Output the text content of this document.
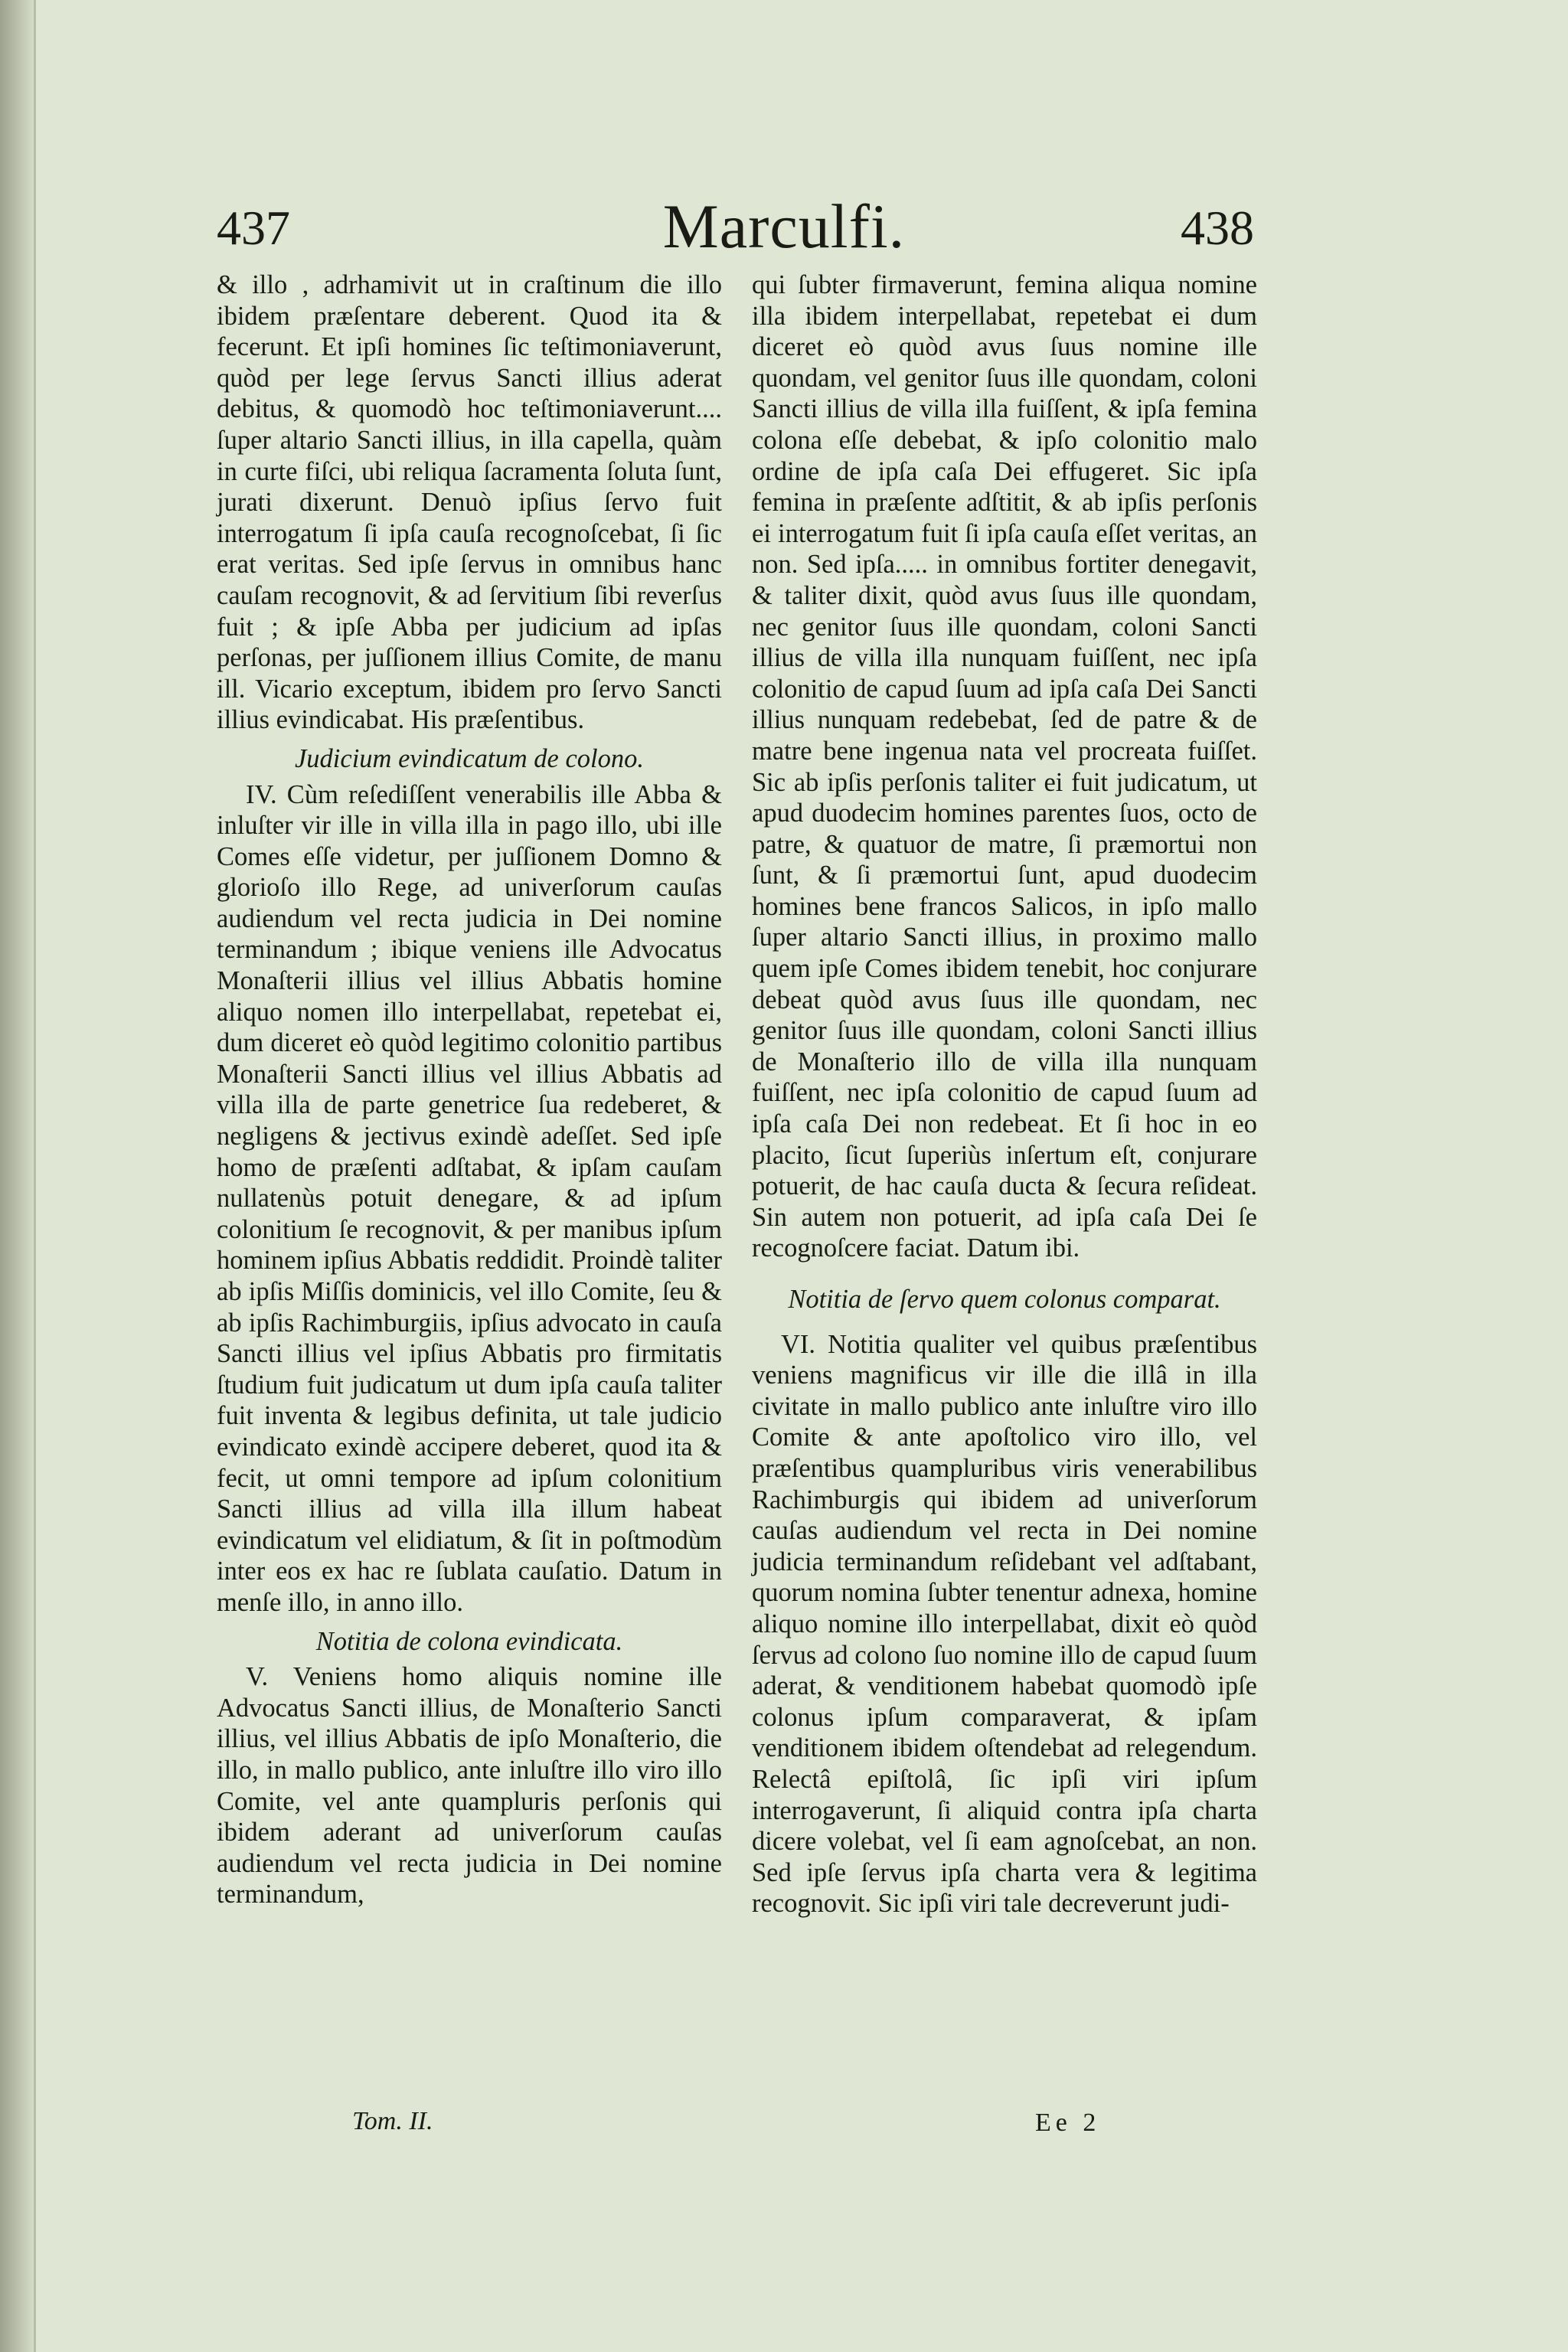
437	Marculfi.	438

& illo , adrhamivit ut in craſtinum die illo ibidem præſentare deberent. Quod ita & fecerunt. Et ipſi homines ſic teſtimoniaverunt, quòd per lege ſervus Sancti illius aderat debitus, & quomodò hoc teſtimoniaverunt.... ſuper altario Sancti illius, in illa capella, quàm in curte fiſci, ubi reliqua ſacramenta ſoluta ſunt, jurati dixerunt. Denuò ipſius ſervo fuit interrogatum ſi ipſa cauſa recognoſcebat, ſi ſic erat veritas. Sed ipſe ſervus in omnibus hanc cauſam recognovit, & ad ſervitium ſibi reverſus fuit ; & ipſe Abba per judicium ad ipſas perſonas, per juſſionem illius Comite, de manu ill. Vicario exceptum, ibidem pro ſervo Sancti illius evindicabat. His præſentibus.

Judicium evindicatum de colono.

IV. Cùm reſediſſent venerabilis ille Abba & inluſter vir ille in villa illa in pago illo, ubi ille Comes eſſe videtur, per juſſionem Domno & glorioſo illo Rege, ad univerſorum cauſas audiendum vel recta judicia in Dei nomine terminandum ; ibique veniens ille Advocatus Monaſterii illius vel illius Abbatis homine aliquo nomen illo interpellabat, repetebat ei, dum diceret eò quòd legitimo colonitio partibus Monaſterii Sancti illius vel illius Abbatis ad villa illa de parte genetrice ſua redeberet, & negligens & jectivus exindè adeſſet. Sed ipſe homo de præſenti adſtabat, & ipſam cauſam nullatenùs potuit denegare, & ad ipſum colonitium ſe recognovit, & per manibus ipſum hominem ipſius Abbatis reddidit. Proindè taliter ab ipſis Miſſis dominicis, vel illo Comite, ſeu & ab ipſis Rachimburgiis, ipſius advocato in cauſa Sancti illius vel ipſius Abbatis pro firmitatis ſtudium fuit judicatum ut dum ipſa cauſa taliter fuit inventa & legibus definita, ut tale judicio evindicato exindè accipere deberet, quod ita & fecit, ut omni tempore ad ipſum colonitium Sancti illius ad villa illa illum habeat evindicatum vel elidiatum, & ſit in poſtmodùm inter eos ex hac re ſublata cauſatio. Datum in menſe illo, in anno illo.

Notitia de colona evindicata.

V. Veniens homo aliquis nomine ille Advocatus Sancti illius, de Monaſterio Sancti illius, vel illius Abbatis de ipſo Monaſterio, die illo, in mallo publico, ante inluſtre illo viro illo Comite, vel ante quampluris perſonis qui ibidem aderant ad univerſorum cauſas audiendum vel recta judicia in Dei nomine terminandum,

qui ſubter firmaverunt, femina aliqua nomine illa ibidem interpellabat, repetebat ei dum diceret eò quòd avus ſuus nomine ille quondam, vel genitor ſuus ille quondam, coloni Sancti illius de villa illa fuiſſent, & ipſa femina colona eſſe debebat, & ipſo colonitio malo ordine de ipſa caſa Dei effugeret. Sic ipſa femina in præſente adſtitit, & ab ipſis perſonis ei interrogatum fuit ſi ipſa cauſa eſſet veritas, an non. Sed ipſa..... in omnibus fortiter denegavit, & taliter dixit, quòd avus ſuus ille quondam, nec genitor ſuus ille quondam, coloni Sancti illius de villa illa nunquam fuiſſent, nec ipſa colonitio de capud ſuum ad ipſa caſa Dei Sancti illius nunquam redebebat, ſed de patre & de matre bene ingenua nata vel procreata fuiſſet. Sic ab ipſis perſonis taliter ei fuit judicatum, ut apud duodecim homines parentes ſuos, octo de patre, & quatuor de matre, ſi præmortui non ſunt, & ſi præmortui ſunt, apud duodecim homines bene francos Salicos, in ipſo mallo ſuper altario Sancti illius, in proximo mallo quem ipſe Comes ibidem tenebit, hoc conjurare debeat quòd avus ſuus ille quondam, nec genitor ſuus ille quondam, coloni Sancti illius de Monaſterio illo de villa illa nunquam fuiſſent, nec ipſa colonitio de capud ſuum ad ipſa caſa Dei non redebeat. Et ſi hoc in eo placito, ſicut ſuperiùs inſertum eſt, conjurare potuerit, de hac cauſa ducta & ſecura reſideat. Sin autem non potuerit, ad ipſa caſa Dei ſe recognoſcere faciat. Datum ibi.

Notitia de ſervo quem colonus comparat.

VI. Notitia qualiter vel quibus præſentibus veniens magnificus vir ille die illâ in illa civitate in mallo publico ante inluſtre viro illo Comite & ante apoſtolico viro illo, vel præſentibus quampluribus viris venerabilibus Rachimburgis qui ibidem ad univerſorum cauſas audiendum vel recta in Dei nomine judicia terminandum reſidebant vel adſtabant, quorum nomina ſubter tenentur adnexa, homine aliquo nomine illo interpellabat, dixit eò quòd ſervus ad colono ſuo nomine illo de capud ſuum aderat, & venditionem habebat quomodò ipſe colonus ipſum comparaverat, & ipſam venditionem ibidem oſtendebat ad relegendum. Relectâ epiſtolâ, ſic ipſi viri ipſum interrogaverunt, ſi aliquid contra ipſa charta dicere volebat, vel ſi eam agnoſcebat, an non. Sed ipſe ſervus ipſa charta vera & legitima recognovit. Sic ipſi viri tale decreverunt judi-

Tom. II.	Ee 2
